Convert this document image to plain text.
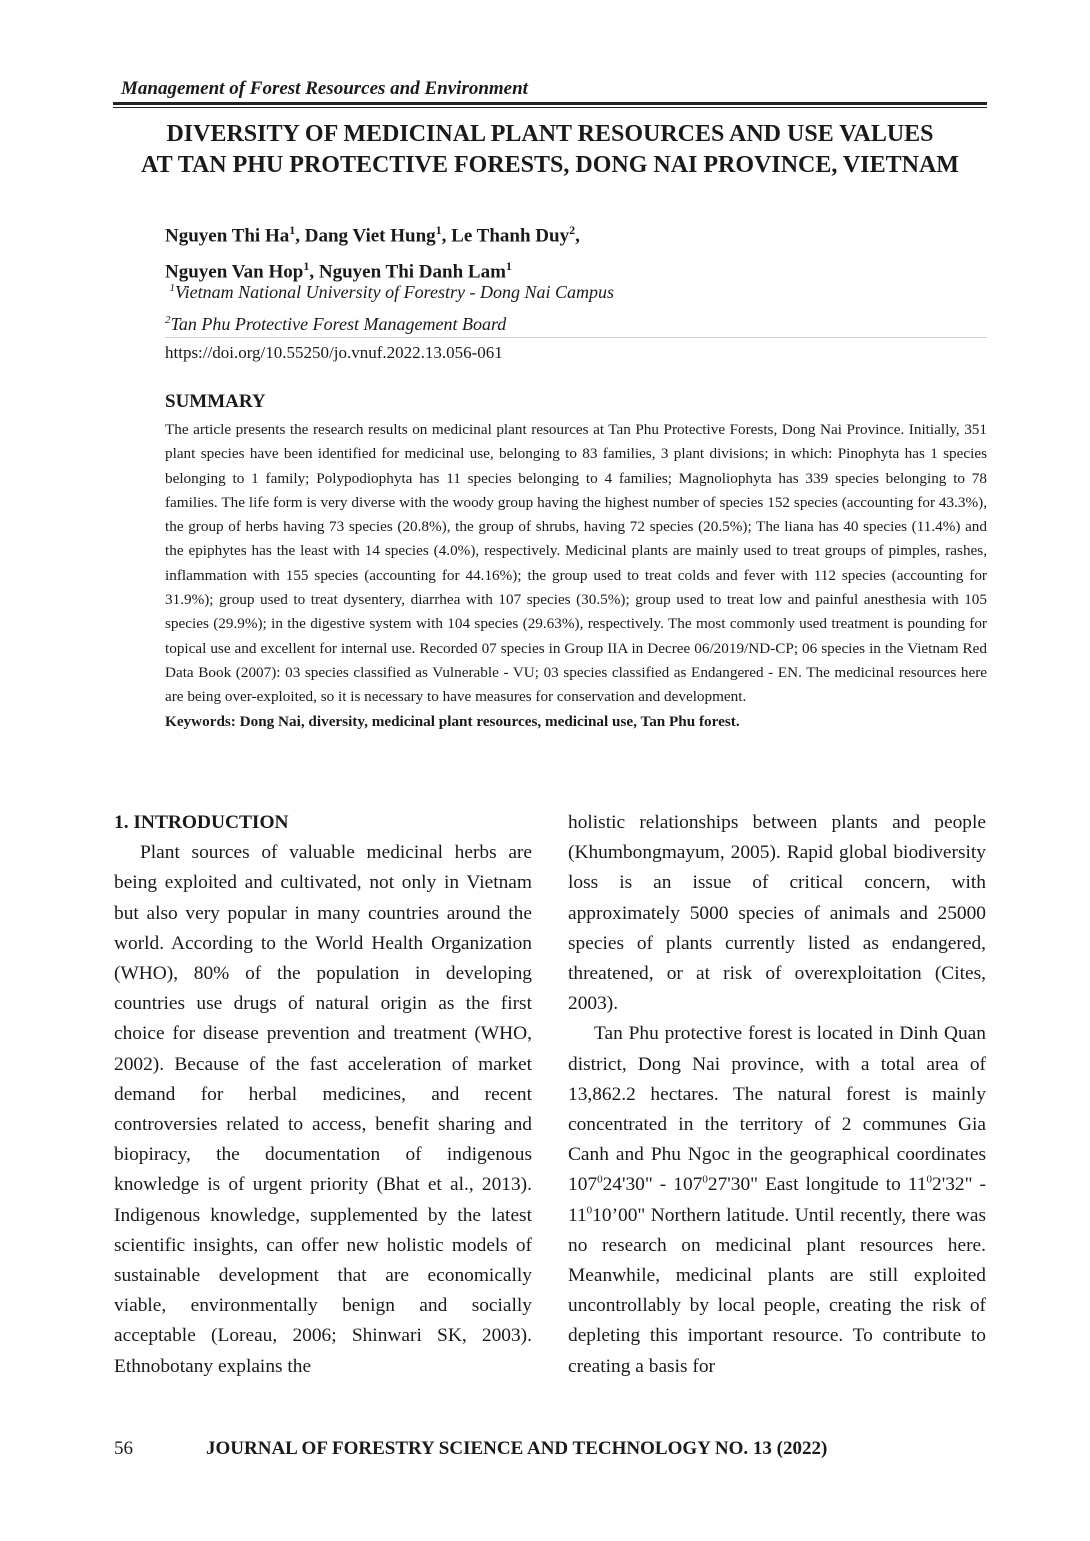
Management of Forest Resources and Environment
DIVERSITY OF MEDICINAL PLANT RESOURCES AND USE VALUES
AT TAN PHU PROTECTIVE FORESTS, DONG NAI PROVINCE, VIETNAM
Nguyen Thi Ha$^1$, Dang Viet Hung$^1$, Le Thanh Duy$^2$,
Nguyen Van Hop$^1$, Nguyen Thi Danh Lam$^1$
$^1$Vietnam National University of Forestry - Dong Nai Campus
$^2$Tan Phu Protective Forest Management Board
https://doi.org/10.55250/jo.vnuf.2022.13.056-061
SUMMARY
The article presents the research results on medicinal plant resources at Tan Phu Protective Forests, Dong Nai Province. Initially, 351 plant species have been identified for medicinal use, belonging to 83 families, 3 plant divisions; in which: Pinophyta has 1 species belonging to 1 family; Polypodiophyta has 11 species belonging to 4 families; Magnoliophyta has 339 species belonging to 78 families. The life form is very diverse with the woody group having the highest number of species 152 species (accounting for 43.3%), the group of herbs having 73 species (20.8%), the group of shrubs, having 72 species (20.5%); The liana has 40 species (11.4%) and the epiphytes has the least with 14 species (4.0%), respectively. Medicinal plants are mainly used to treat groups of pimples, rashes, inflammation with 155 species (accounting for 44.16%); the group used to treat colds and fever with 112 species (accounting for 31.9%); group used to treat dysentery, diarrhea with 107 species (30.5%); group used to treat low and painful anesthesia with 105 species (29.9%); in the digestive system with 104 species (29.63%), respectively. The most commonly used treatment is pounding for topical use and excellent for internal use. Recorded 07 species in Group IIA in Decree 06/2019/ND-CP; 06 species in the Vietnam Red Data Book (2007): 03 species classified as Vulnerable - VU; 03 species classified as Endangered - EN. The medicinal resources here are being over-exploited, so it is necessary to have measures for conservation and development.
Keywords: Dong Nai, diversity, medicinal plant resources, medicinal use, Tan Phu forest.

1. INTRODUCTION

Plant sources of valuable medicinal herbs are being exploited and cultivated, not only in Vietnam but also very popular in many countries around the world. According to the World Health Organization (WHO), 80% of the population in developing countries use drugs of natural origin as the first choice for disease prevention and treatment (WHO, 2002). Because of the fast acceleration of market demand for herbal medicines, and recent controversies related to access, benefit sharing and biopiracy, the documentation of indigenous knowledge is of urgent priority (Bhat et al., 2013). Indigenous knowledge, supplemented by the latest scientific insights, can offer new holistic models of sustainable development that are economically viable, environmentally benign and socially acceptable (Loreau, 2006; Shinwari SK, 2003). Ethnobotany explains the

holistic relationships between plants and people (Khumbongmayum, 2005). Rapid global biodiversity loss is an issue of critical concern, with approximately 5000 species of animals and 25000 species of plants currently listed as endangered, threatened, or at risk of overexploitation (Cites, 2003).

Tan Phu protective forest is located in Dinh Quan district, Dong Nai province, with a total area of 13,862.2 hectares. The natural forest is mainly concentrated in the territory of 2 communes Gia Canh and Phu Ngoc in the geographical coordinates $107^024'30$" - $107^027'30$" East longitude to $11^02'32$" - $11^010’00$" Northern latitude. Until recently, there was no research on medicinal plant resources here. Meanwhile, medicinal plants are still exploited uncontrollably by local people, creating the risk of depleting this important resource. To contribute to creating a basis for

56	JOURNAL OF FORESTRY SCIENCE AND TECHNOLOGY NO. 13 (2022)
